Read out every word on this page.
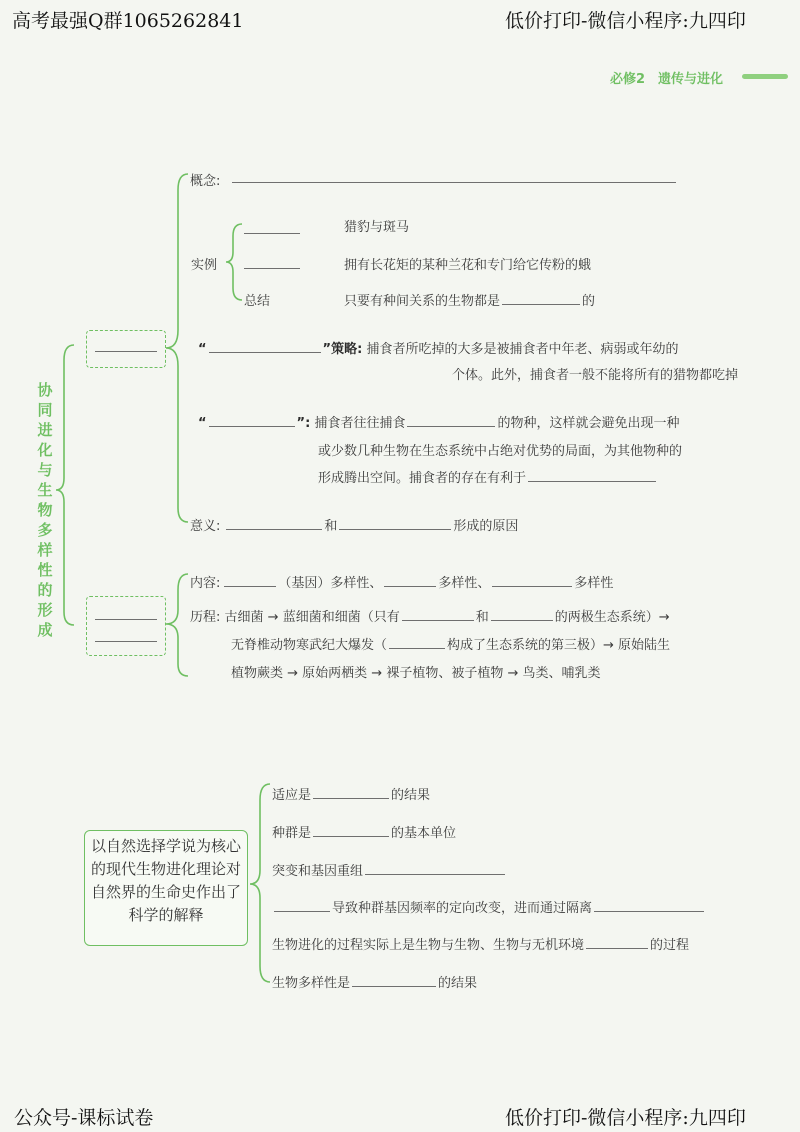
高考最强Q群1065262841	低价打印-微信小程序:九四印
必修2　遗传与进化
协同进化与生物多样性的形成
概念:
实例
猎豹与斑马
拥有长花矩的某种兰花和专门给它传粉的蛾
总结	只要有种间关系的生物都是	的
“	”策略: 捕食者所吃掉的大多是被捕食者中年老、病弱或年幼的
个体。此外，捕食者一般不能将所有的猎物都吃掉
“	”: 捕食者往往捕食	的物种，这样就会避免出现一种
或少数几种生物在生态系统中占绝对优势的局面，为其他物种的
形成腾出空间。捕食者的存在有利于
意义:	和	形成的原因
内容:	（基因）多样性、	多样性、	多样性
历程: 古细菌 → 蓝细菌和细菌（只有	和	的两极生态系统）→
无脊椎动物寒武纪大爆发（	构成了生态系统的第三极）→ 原始陆生
植物蕨类 → 原始两栖类 → 裸子植物、被子植物 → 鸟类、哺乳类
以自然选择学说为核心的现代生物进化理论对自然界的生命史作出了科学的解释
适应是	的结果
种群是	的基本单位
突变和基因重组
导致种群基因频率的定向改变，进而通过隔离
生物进化的过程实际上是生物与生物、生物与无机环境	的过程
生物多样性是	的结果
公众号-课标试卷	低价打印-微信小程序:九四印
